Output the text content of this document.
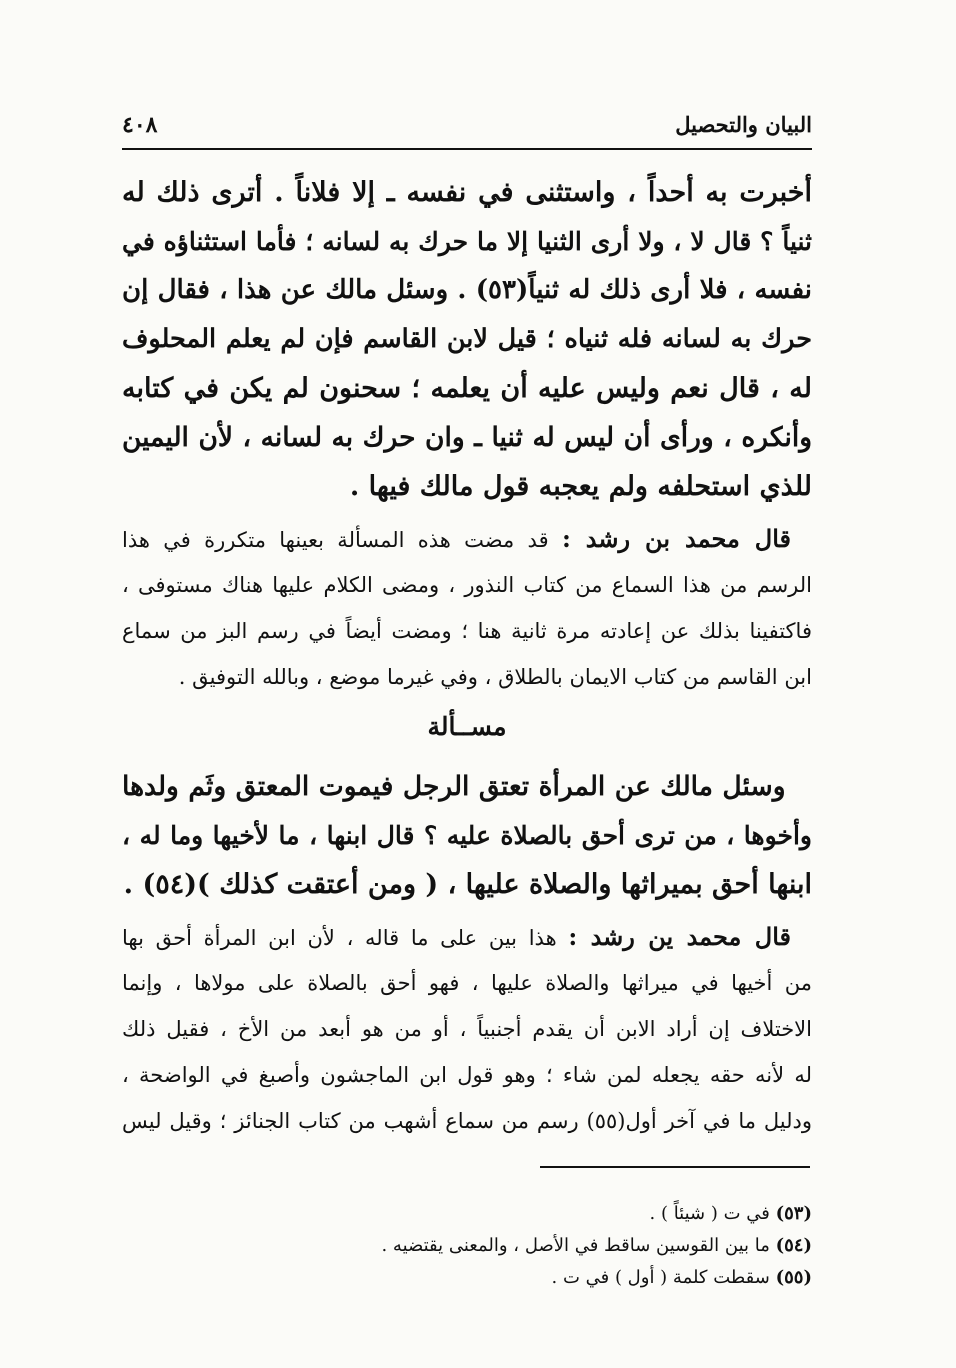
البيان والتحصيل
٤٠٨
أخبرت به أحداً ، واستثنى في نفسه ـ إلا فلاناً . أترى ذلك له
ثنياً ؟ قال لا ، ولا أرى الثنيا إلا ما حرك به لسانه ؛ فأما استثناؤه في
نفسه ، فلا أرى ذلك له ثنياً(٥٣) . وسئل مالك عن هذا ، فقال إن
حرك به لسانه فله ثنياه ؛ قيل لابن القاسم فإن لم يعلم المحلوف
له ، قال نعم وليس عليه أن يعلمه ؛ سحنون لم يكن في كتابه
وأنكره ، ورأى أن ليس له ثنيا ـ وان حرك به لسانه ، لأن اليمين
للذي استحلفه ولم يعجبه قول مالك فيها .
 قال محمد بن رشد : قد مضت هذه المسألة بعينها متكررة في هذا
الرسم من هذا السماع من كتاب النذور ، ومضى الكلام عليها هناك مستوفى ،
فاكتفينا بذلك عن إعادته مرة ثانية هنا ؛ ومضت أيضاً في رسم البز من سماع
ابن القاسم من كتاب الايمان بالطلاق ، وفي غيرما موضع ، وبالله التوفيق .
مســألة
 وسئل مالك عن المرأة تعتق الرجل فيموت المعتق وثَم ولدها
وأخوها ، من ترى أحق بالصلاة عليه ؟ قال ابنها ، ما لأخيها وما له ،
ابنها أحق بميراثها والصلاة عليها ، ( ومن أعتقت كذلك )(٥٤) .
 قال محمد ين رشد : هذا بين على ما قاله ، لأن ابن المرأة أحق بها
من أخيها في ميراثها والصلاة عليها ، فهو أحق بالصلاة على مولاها ، وإنما
الاختلاف إن أراد الابن أن يقدم أجنبياً ، أو من هو أبعد من الأخ ، فقيل ذلك
له لأنه حقه يجعله لمن شاء ؛ وهو قول ابن الماجشون وأصبغ في الواضحة ،
ودليل ما في آخر أول(٥٥) رسم من سماع أشهب من كتاب الجنائز ؛ وقيل ليس
(٥٣) في ت ( شيئاً ) .
(٥٤) ما بين القوسين ساقط في الأصل ، والمعنى يقتضيه .
(٥٥) سقطت كلمة ( أول ) في ت .
